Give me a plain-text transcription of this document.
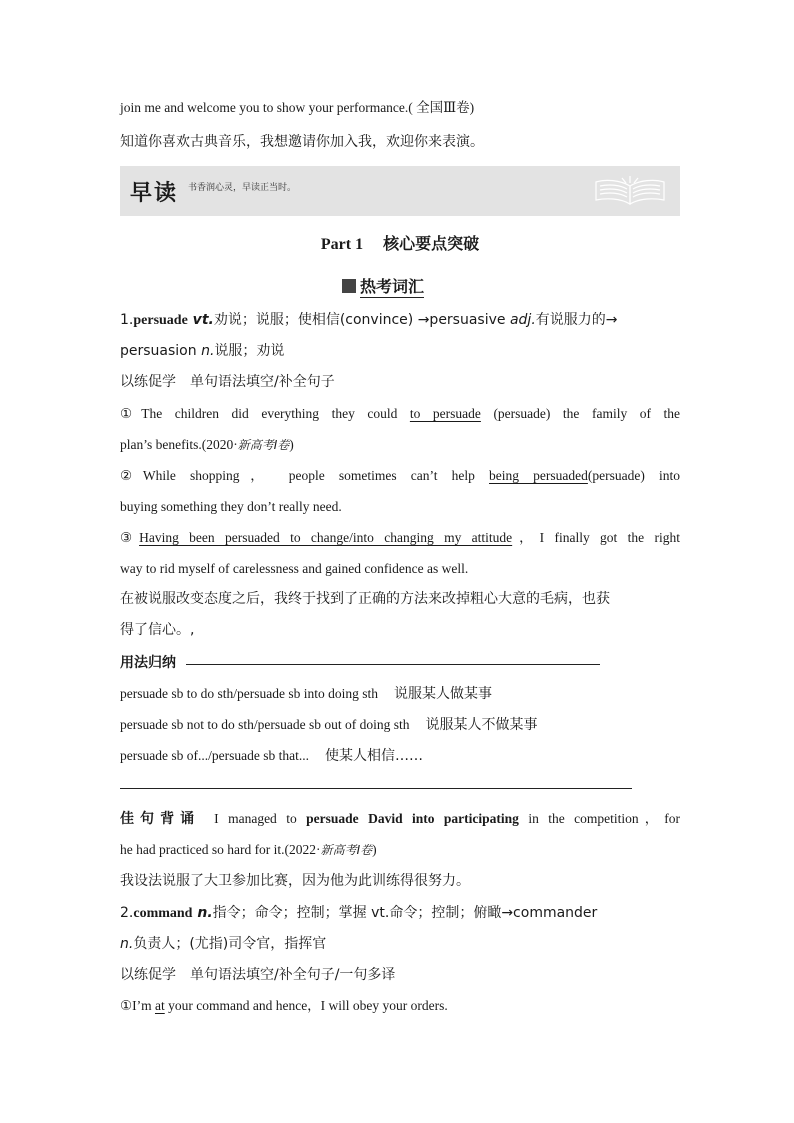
join me and welcome you to show your performance.( 全国Ⅲ卷)
知道你喜欢古典音乐，我想邀请你加入我，欢迎你来表演。
早读 书香润心灵，早读正当时。
Part 1　 核心要点突破
热考词汇
1.persuade vt.劝说；说服；使相信(convince) →persuasive adj.有说服力的→
persuasion n.说服；劝说
以练促学　单句语法填空/补全句子
①The children did everything they could to persuade (persuade) the family of the
plan’s benefits.(2020·新高考Ⅰ卷)
②While shopping， people sometimes can’t help being persuaded(persuade) into
buying something they don’t really need.
③Having been persuaded to change/into changing my attitude，I finally got the right
way to rid myself of carelessness and gained confidence as well.
在被说服改变态度之后，我终于找到了正确的方法来改掉粗心大意的毛病，也获
得了信心。,
用法归纳
persuade sb to do sth/persuade sb into doing sth 说服某人做某事
persuade sb not to do sth/persuade sb out of doing sth 说服某人不做某事
persuade sb of.../persuade sb that... 使某人相信……
佳句背诵 I managed to persuade David into participating in the competition，for
he had practiced so hard for it.(2022·新高考Ⅰ卷)
我设法说服了大卫参加比赛，因为他为此训练得很努力。
2.command n.指令；命令；控制；掌握 vt.命令；控制；俯瞰→commander
n.负责人；(尤指)司令官，指挥官
以练促学　单句语法填空/补全句子/一句多译
①I’m at your command and hence，I will obey your orders.
